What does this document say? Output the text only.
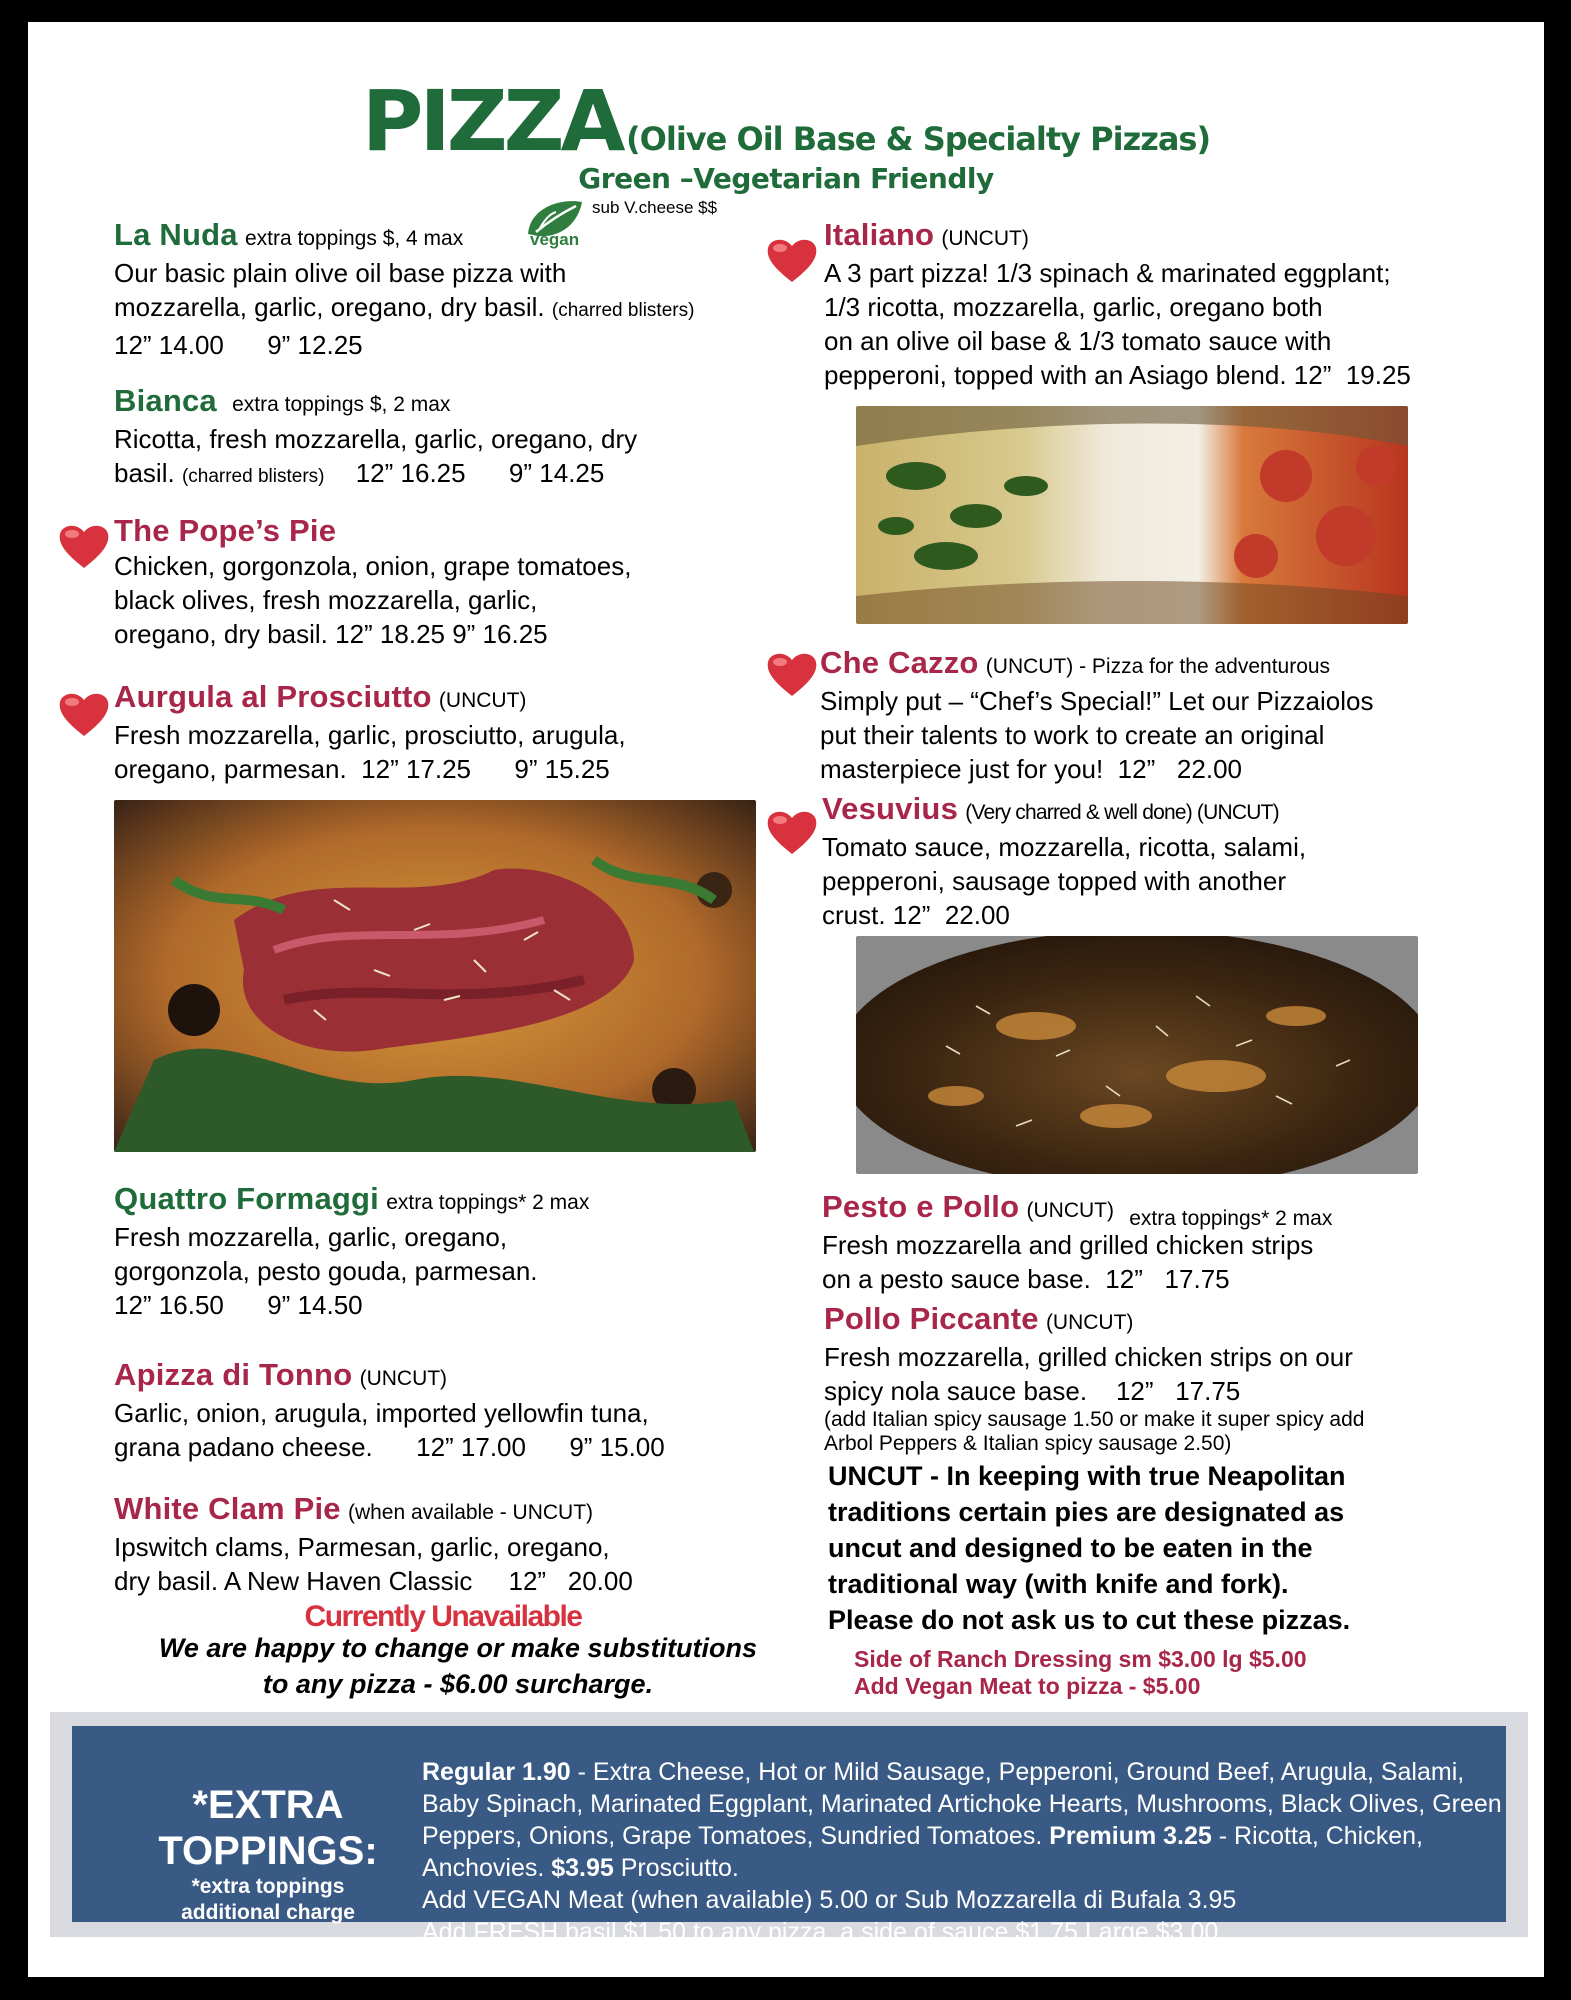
PIZZA (Olive Oil Base & Specialty Pizzas)
Green –Vegetarian Friendly
vegan
sub V.cheese $$
La Nuda extra toppings $, 4 max
Our basic plain olive oil base pizza with
mozzarella, garlic, oregano, dry basil. (charred blisters)
12” 14.00      9” 12.25
Bianca extra toppings $, 2 max
Ricotta, fresh mozzarella, garlic, oregano, dry
basil. (charred blisters) 12” 16.25      9” 14.25
The Pope’s Pie
Chicken, gorgonzola, onion, grape tomatoes,
black olives, fresh mozzarella, garlic,
oregano, dry basil. 12” 18.25 9” 16.25
Aurgula al Prosciutto (UNCUT)
Fresh mozzarella, garlic, prosciutto, arugula,
oregano, parmesan.  12” 17.25      9” 15.25
Quattro Formaggi extra toppings* 2 max
Fresh mozzarella, garlic, oregano,
gorgonzola, pesto gouda, parmesan.
12” 16.50      9” 14.50
Apizza di Tonno (UNCUT)
Garlic, onion, arugula, imported yellowfin tuna,
grana padano cheese.      12” 17.00      9” 15.00
White Clam Pie (when available - UNCUT)
Ipswitch clams, Parmesan, garlic, oregano,
dry basil. A New Haven Classic     12”   20.00
Currently Unavailable
We are happy to change or make substitutions
to any pizza - $6.00 surcharge.
Italiano (UNCUT)
A 3 part pizza! 1/3 spinach & marinated eggplant;
1/3 ricotta, mozzarella, garlic, oregano both
on an olive oil base & 1/3 tomato sauce with
pepperoni, topped with an Asiago blend. 12”  19.25
Che Cazzo (UNCUT) - Pizza for the adventurous
Simply put – “Chef’s Special!” Let our Pizzaiolos
put their talents to work to create an original
masterpiece just for you!  12”   22.00
Vesuvius (Very charred & well done) (UNCUT)
Tomato sauce, mozzarella, ricotta, salami,
pepperoni, sausage topped with another
crust. 12”  22.00
Pesto e Pollo (UNCUT) $_{extra toppings* 2 max}$
Fresh mozzarella and grilled chicken strips
on a pesto sauce base.  12”   17.75
Pollo Piccante (UNCUT)
Fresh mozzarella, grilled chicken strips on our
spicy nola sauce base.    12”   17.75
(add Italian spicy sausage 1.50 or make it super spicy add
Arbol Peppers & Italian spicy sausage 2.50)
UNCUT - In keeping with true Neapolitan
traditions certain pies are designated as
uncut and designed to be eaten in the
traditional way (with knife and fork).
Please do not ask us to cut these pizzas.
Side of Ranch Dressing sm $3.00 lg $5.00
Add Vegan Meat to pizza - $5.00
*EXTRA
TOPPINGS:
*extra toppings
additional charge
Regular 1.90 - Extra Cheese, Hot or Mild Sausage, Pepperoni, Ground Beef, Arugula, Salami, Baby Spinach, Marinated Eggplant, Marinated Artichoke Hearts, Mushrooms, Black Olives, Green Peppers, Onions, Grape Tomatoes, Sundried Tomatoes. Premium 3.25 - Ricotta, Chicken, Anchovies. $3.95 Prosciutto.
Add VEGAN Meat (when available) 5.00 or Sub Mozzarella di Bufala 3.95
Add FRESH basil $1.50 to any pizza, a side of sauce $1.75 Large $3.00
